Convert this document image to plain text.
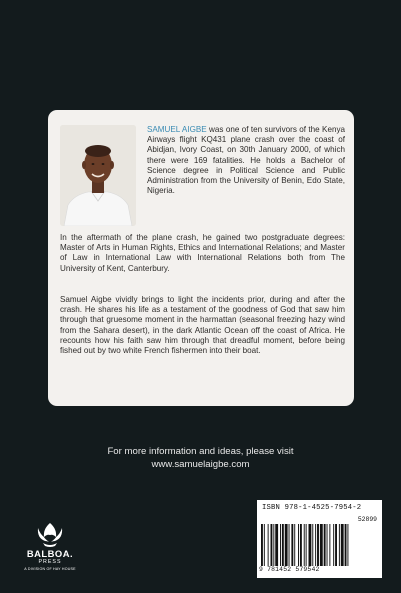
SAMUEL AIGBE was one of ten survivors of the Kenya Airways flight KQ431 plane crash over the coast of Abidjan, Ivory Coast, on 30th January 2000, of which there were 169 fatalities. He holds a Bachelor of Science degree in Political Science and Public Administration from the University of Benin, Edo State, Nigeria.

In the aftermath of the plane crash, he gained two postgraduate degrees: Master of Arts in Human Rights, Ethics and International Relations; and Master of Law in International Law with International Relations both from The University of Kent, Canterbury.

Samuel Aigbe vividly brings to light the incidents prior, during and after the crash. He shares his life as a testament of the goodness of God that saw him through that gruesome moment in the harmattan (seasonal freezing hazy wind from the Sahara desert), in the dark Atlantic Ocean off the coast of Africa. He recounts how his faith saw him through that dreadful moment, before being fished out by two white French fishermen into their boat.

For more information and ideas, please visit
www.samuelaigbe.com
BALBOA.
PRESS
A DIVISION OF HAY HOUSE
ISBN 978-1-4525-7954-2
52899
9 781452 579542
